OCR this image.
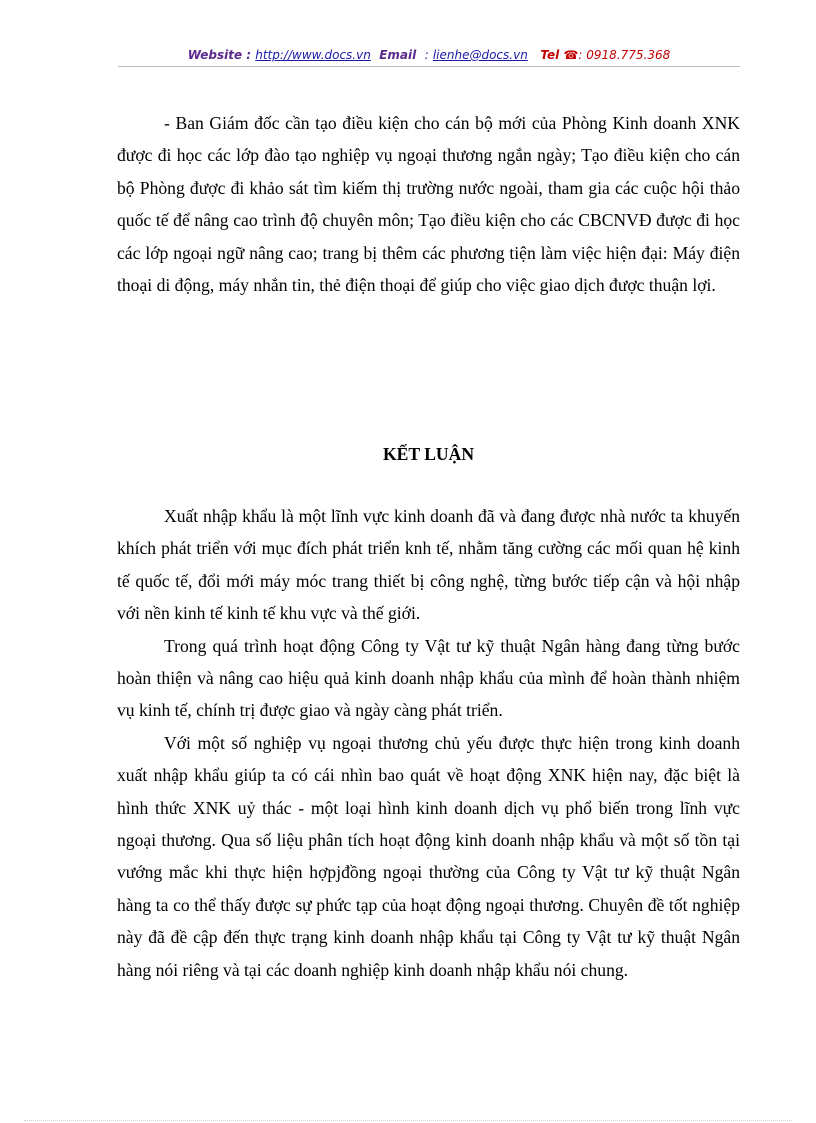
Website : http://www.docs.vn Email : lienhe@docs.vn Tel ☎: 0918.775.368

- Ban Giám đốc cần tạo điều kiện cho cán bộ mới của Phòng Kinh doanh XNK được đi học các lớp đào tạo nghiệp vụ ngoại thương ngắn ngày; Tạo điều kiện cho cán bộ Phòng được đi khảo sát tìm kiếm thị trường nước ngoài, tham gia các cuộc hội thảo quốc tế để nâng cao trình độ chuyên môn; Tạo điều kiện cho các CBCNVĐ được đi học các lớp ngoại ngữ nâng cao; trang bị thêm các phương tiện làm việc hiện đại: Máy điện thoại di động, máy nhắn tin, thẻ điện thoại để giúp cho việc giao dịch được thuận lợi.

KẾT LUẬN

Xuất nhập khẩu là một lĩnh vực kinh doanh đã và đang được nhà nước ta khuyến khích phát triển với mục đích phát triển knh tế, nhằm tăng cường các mối quan hệ kinh tế quốc tế, đổi mới máy móc trang thiết bị công nghệ, từng bước tiếp cận và hội nhập với nền kinh tế kinh tế khu vực và thế giới.

Trong quá trình hoạt động Công ty Vật tư kỹ thuật Ngân hàng đang từng bước hoàn thiện và nâng cao hiệu quả kinh doanh nhập khẩu của mình để hoàn thành nhiệm vụ kinh tế, chính trị được giao và ngày càng phát triển.

Với một số nghiệp vụ ngoại thương chủ yếu được thực hiện trong kinh doanh xuất nhập khẩu giúp ta có cái nhìn bao quát về hoạt động XNK hiện nay, đặc biệt là hình thức XNK uỷ thác - một loại hình kinh doanh dịch vụ phổ biến trong lĩnh vực ngoại thương. Qua số liệu phân tích hoạt động kinh doanh nhập khẩu và một số tồn tại vướng mắc khi thực hiện hợpjđồng ngoại thường của Công ty Vật tư kỹ thuật Ngân hàng ta co thể thấy được sự phức tạp của hoạt động ngoại thương. Chuyên đề tốt nghiệp này đã đề cập đến thực trạng kinh doanh nhập khẩu tại Công ty Vật tư kỹ thuật Ngân hàng nói riêng và tại các doanh nghiệp kinh doanh nhập khẩu nói chung.
